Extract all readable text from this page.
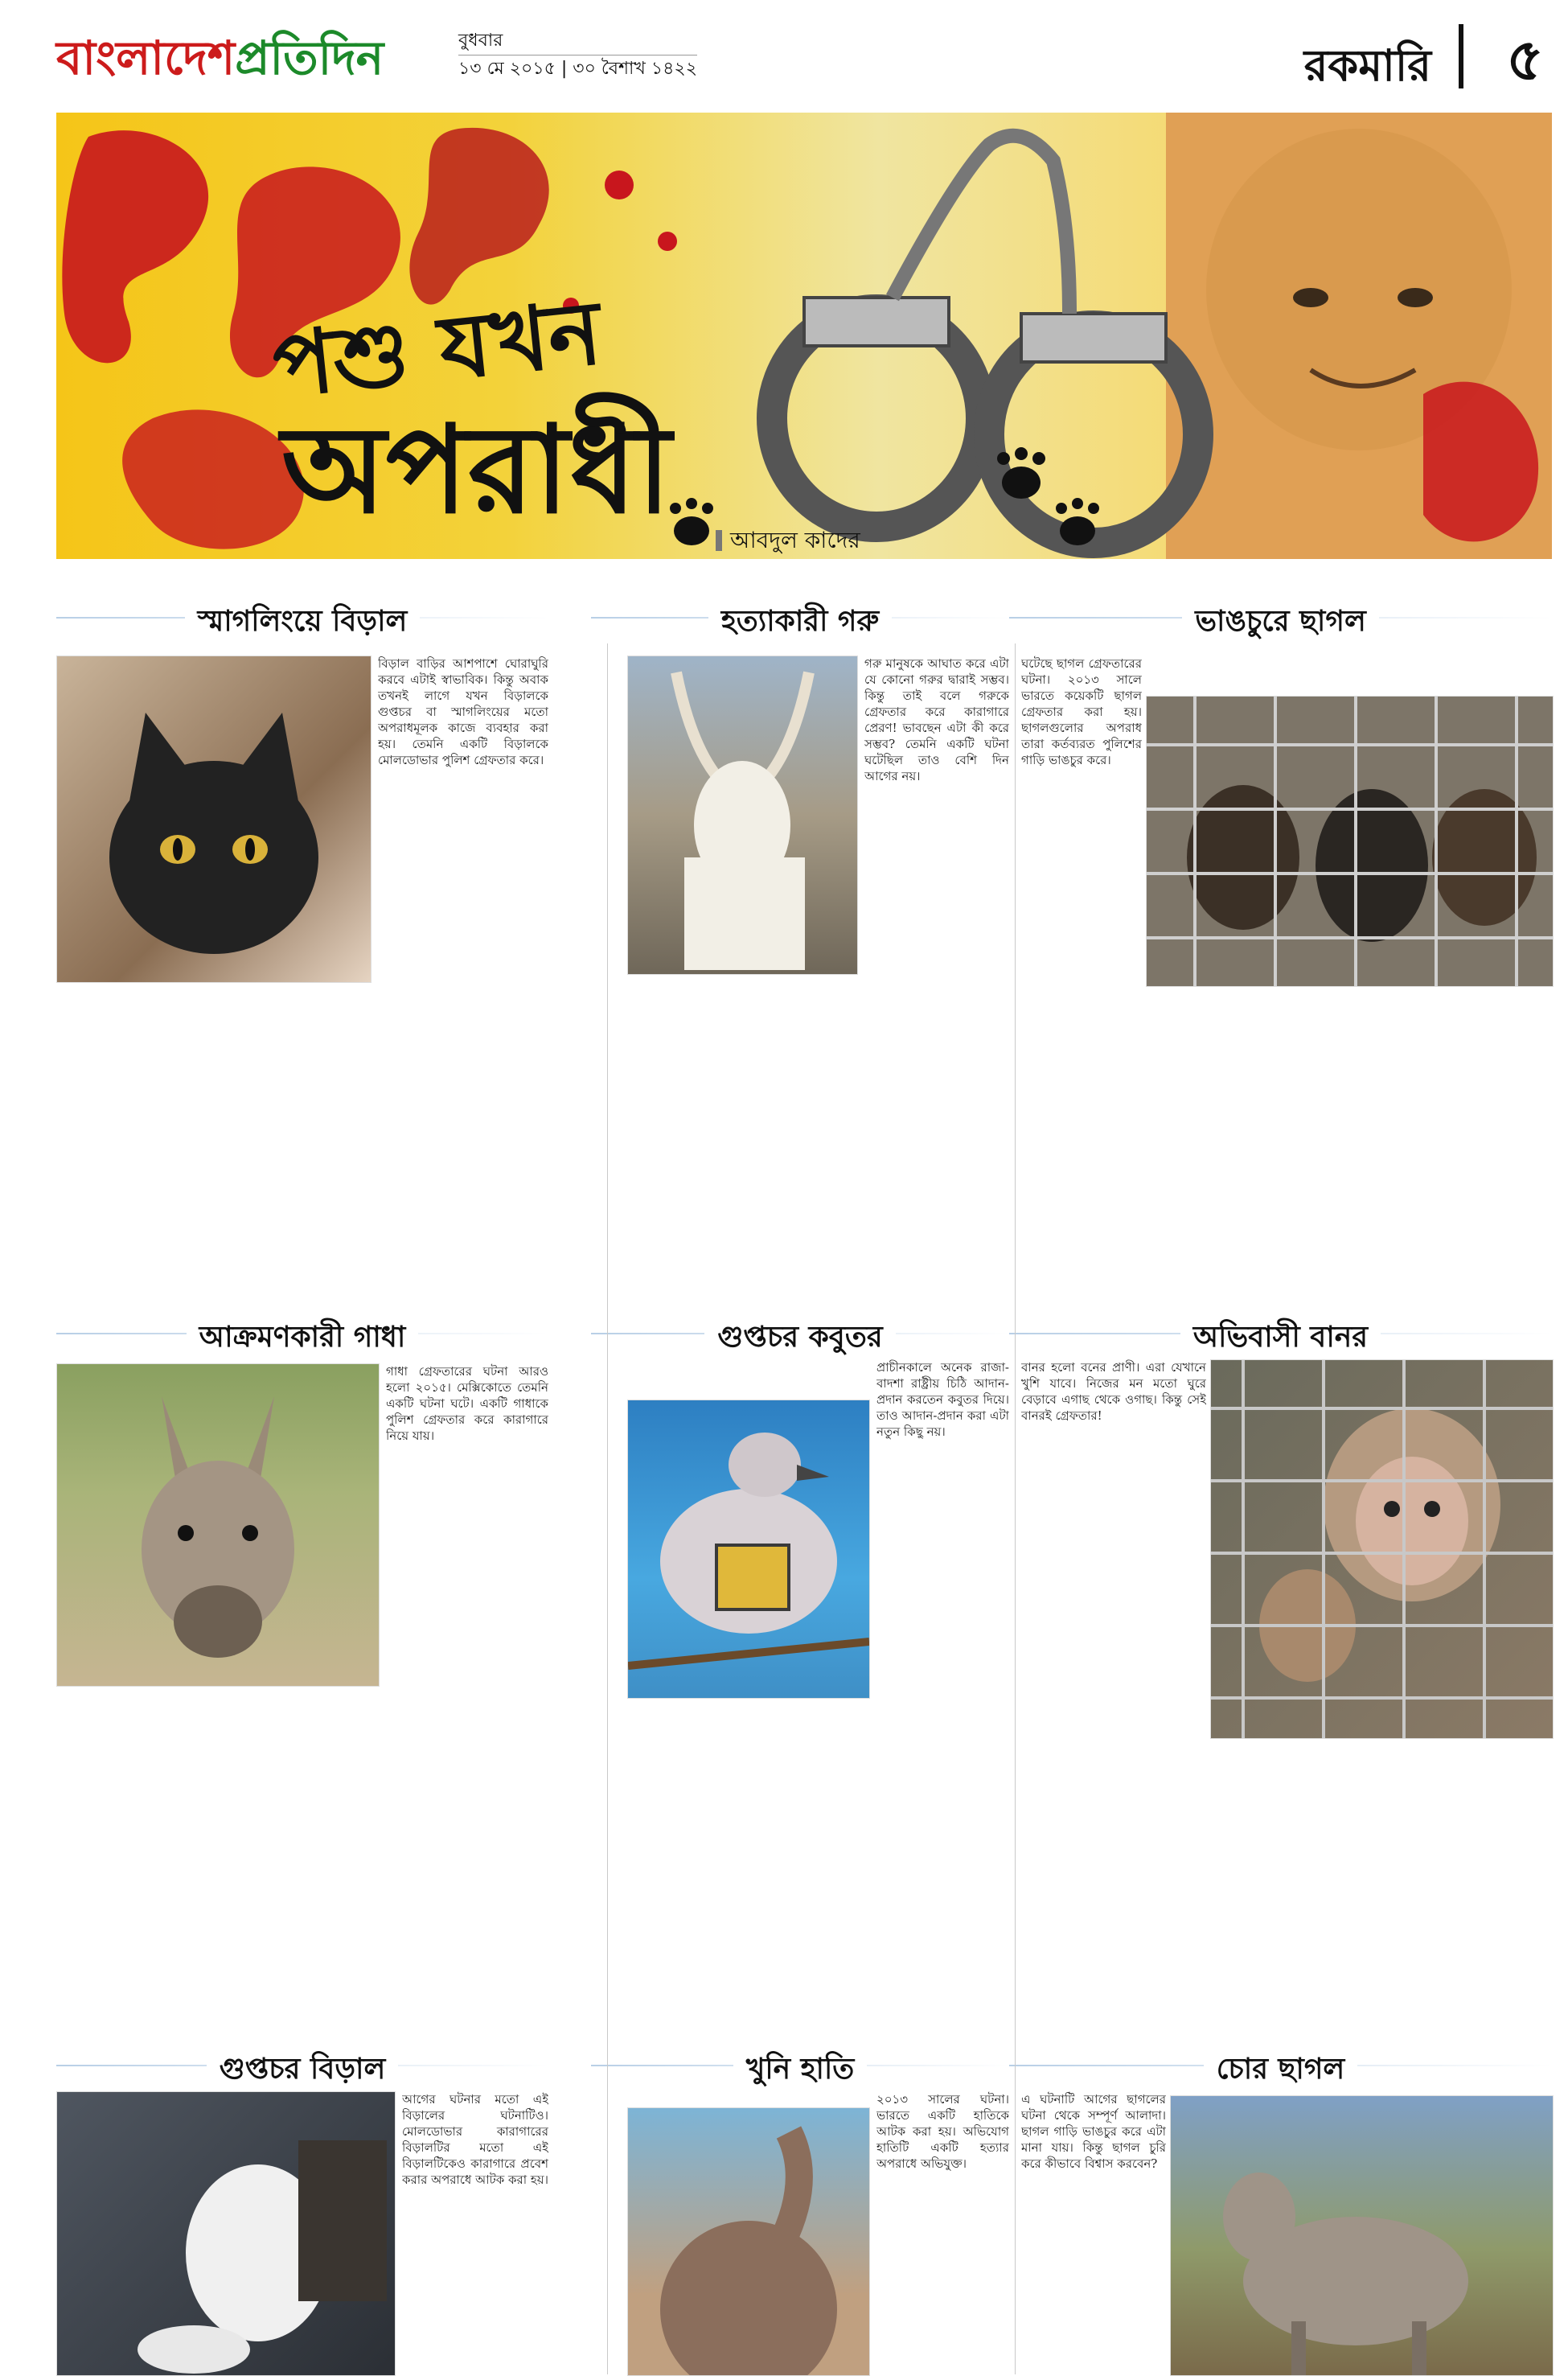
বাংলাদেশপ্রতিদিন	বুধবার
১৩ মে ২০১৫ | ৩০ বৈশাখ ১৪২২	রকমারি ৫
পশু যখন
অপরাধী	আবদুল কাদের
স্মাগলিংয়ে বিড়াল	হত্যাকারী গরু	ভাঙচুরে ছাগল
বিড়াল বাড়ির আশপাশে ঘোরাঘুরি করবে এটাই স্বাভাবিক। কিন্তু অবাক তখনই লাগে যখন বিড়ালকে গুপ্তচর বা স্মাগলিংয়ের মতো অপরাধমূলক কাজে ব্যবহার করা হয়। তেমনি একটি বিড়ালকে মোলডোভার পুলিশ গ্রেফতার করে।
গরু মানুষকে আঘাত করে এটা যে কোনো গরুর দ্বারাই সম্ভব। কিন্তু তাই বলে গরুকে গ্রেফতার করে কারাগারে প্রেরণ! ভাবছেন এটা কী করে সম্ভব? তেমনি একটি ঘটনা ঘটেছিল তাও বেশি দিন আগের নয়।
ঘটেছে ছাগল গ্রেফতারের ঘটনা। ২০১৩ সালে ভারতে কয়েকটি ছাগল গ্রেফতার করা হয়। ছাগলগুলোর অপরাধ তারা কর্তব্যরত পুলিশের গাড়ি ভাঙচুর করে।
আক্রমণকারী গাধা	গুপ্তচর কবুতর	অভিবাসী বানর
গাধা গ্রেফতারের ঘটনা আরও হলো ২০১৫। মেক্সিকোতে তেমনি একটি ঘটনা ঘটে। একটি গাধাকে পুলিশ গ্রেফতার করে কারাগারে নিয়ে যায়।
প্রাচীনকালে অনেক রাজা-বাদশা রাষ্ট্রীয় চিঠি আদান-প্রদান করতেন কবুতর দিয়ে। তাও আদান-প্রদান করা এটা নতুন কিছু নয়।
বানর হলো বনের প্রাণী। এরা যেখানে খুশি যাবে। নিজের মন মতো ঘুরে বেড়াবে এগাছ থেকে ওগাছ। কিন্তু সেই বানরই গ্রেফতার!
গুপ্তচর বিড়াল	খুনি হাতি	চোর ছাগল
আগের ঘটনার মতো এই বিড়ালের ঘটনাটিও। মোলডোভার কারাগারের বিড়ালটির মতো এই বিড়ালটিকেও কারাগারে প্রবেশ করার অপরাধে আটক করা হয়।
২০১৩ সালের ঘটনা। ভারতে একটি হাতিকে আটক করা হয়। অভিযোগ হাতিটি একটি হত্যার অপরাধে অভিযুক্ত।
এ ঘটনাটি আগের ছাগলের ঘটনা থেকে সম্পূর্ণ আলাদা। ছাগল গাড়ি ভাঙচুর করে এটা মানা যায়। কিন্তু ছাগল চুরি করে কীভাবে বিশ্বাস করবেন?
